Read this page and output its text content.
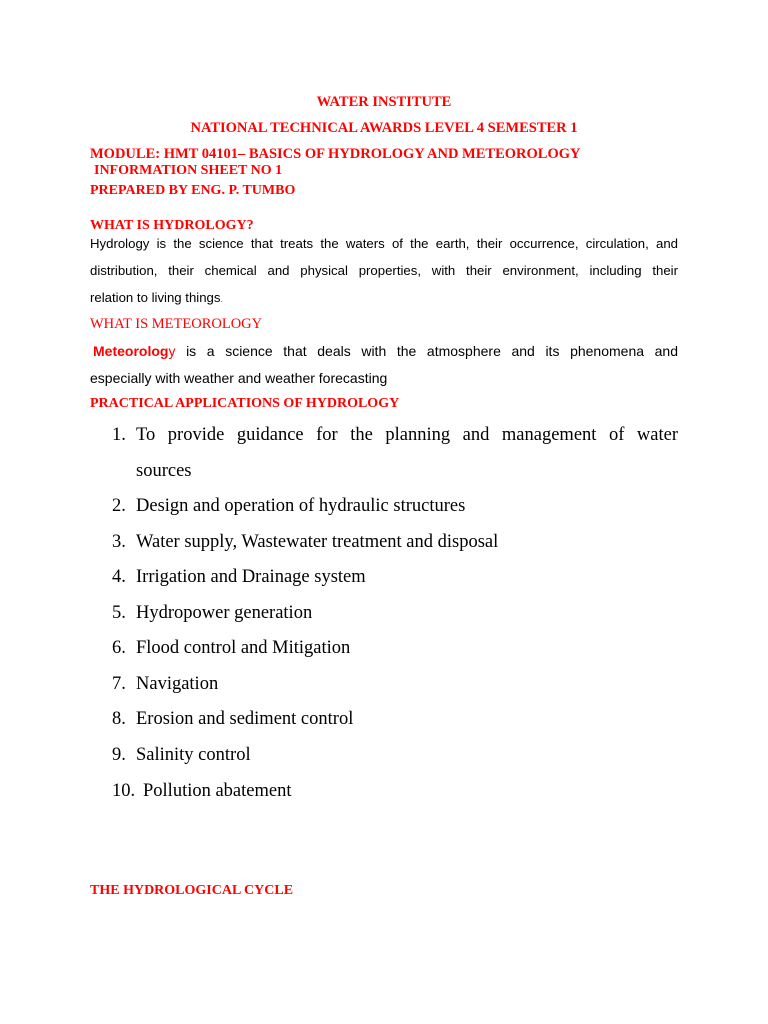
WATER INSTITUTE
NATIONAL TECHNICAL AWARDS LEVEL 4 SEMESTER 1
MODULE: HMT 04101– BASICS OF HYDROLOGY AND METEOROLOGY
INFORMATION SHEET NO 1
PREPARED BY ENG. P. TUMBO
WHAT IS HYDROLOGY?
Hydrology is the science that treats the waters of the earth, their occurrence, circulation, and
distribution, their chemical and physical properties, with their environment, including their
relation to living things.
WHAT IS METEOROLOGY
Meteorology is a science that deals with the atmosphere and its phenomena and
especially with weather and weather forecasting
PRACTICAL APPLICATIONS OF HYDROLOGY
1. To provide guidance for the planning and management of water
sources
2. Design and operation of hydraulic structures
3. Water supply, Wastewater treatment and disposal
4. Irrigation and Drainage system
5. Hydropower generation
6. Flood control and Mitigation
7. Navigation
8. Erosion and sediment control
9. Salinity control
10. Pollution abatement
THE HYDROLOGICAL CYCLE
